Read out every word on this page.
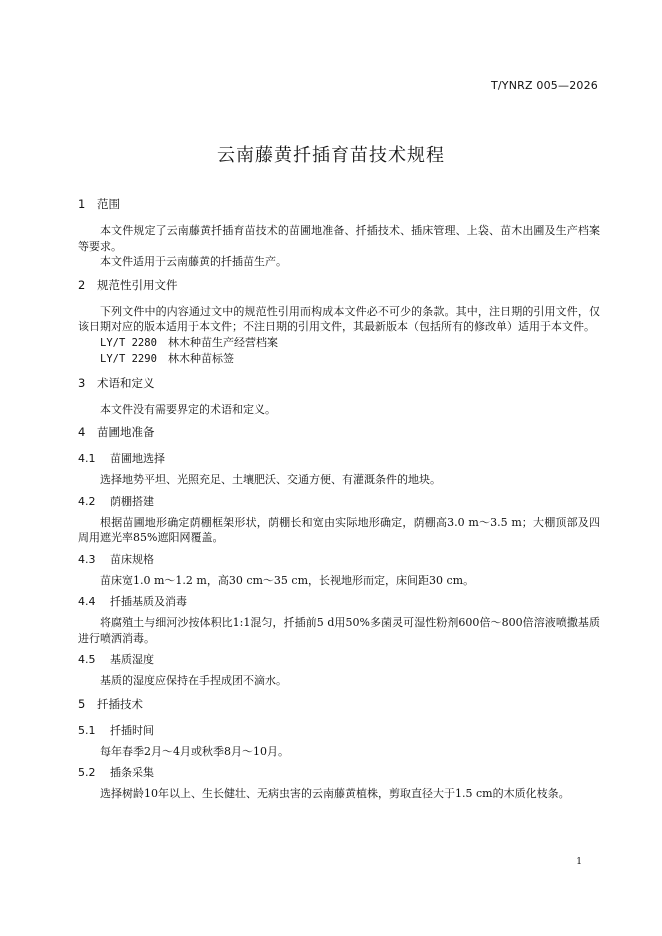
T/YNRZ 005—2026
云南藤黄扦插育苗技术规程
1 范围

本文件规定了云南藤黄扦插育苗技术的苗圃地准备、扦插技术、插床管理、上袋、苗木出圃及生产档案等要求。

本文件适用于云南藤黄的扦插苗生产。

2 规范性引用文件

下列文件中的内容通过文中的规范性引用而构成本文件必不可少的条款。其中，注日期的引用文件，仅该日期对应的版本适用于本文件；不注日期的引用文件，其最新版本（包括所有的修改单）适用于本文件。

LY/T 2280 林木种苗生产经营档案

LY/T 2290 林木种苗标签

3 术语和定义

本文件没有需要界定的术语和定义。

4 苗圃地准备
4.1 苗圃地选择

选择地势平坦、光照充足、土壤肥沃、交通方便、有灌溉条件的地块。

4.2 荫棚搭建

根据苗圃地形确定荫棚框架形状，荫棚长和宽由实际地形确定，荫棚高3.0 m～3.5 m；大棚顶部及四周用遮光率85%遮阳网覆盖。

4.3 苗床规格

苗床宽1.0 m～1.2 m，高30 cm～35 cm，长视地形而定，床间距30 cm。

4.4 扦插基质及消毒

将腐殖土与细河沙按体积比1:1混匀，扦插前5 d用50%多菌灵可湿性粉剂600倍～800倍溶液喷撒基质进行喷洒消毒。

4.5 基质湿度

基质的湿度应保持在手捏成团不滴水。

5 扦插技术
5.1 扦插时间

每年春季2月～4月或秋季8月～10月。

5.2 插条采集

选择树龄10年以上、生长健壮、无病虫害的云南藤黄植株，剪取直径大于1.5 cm的木质化枝条。

1
